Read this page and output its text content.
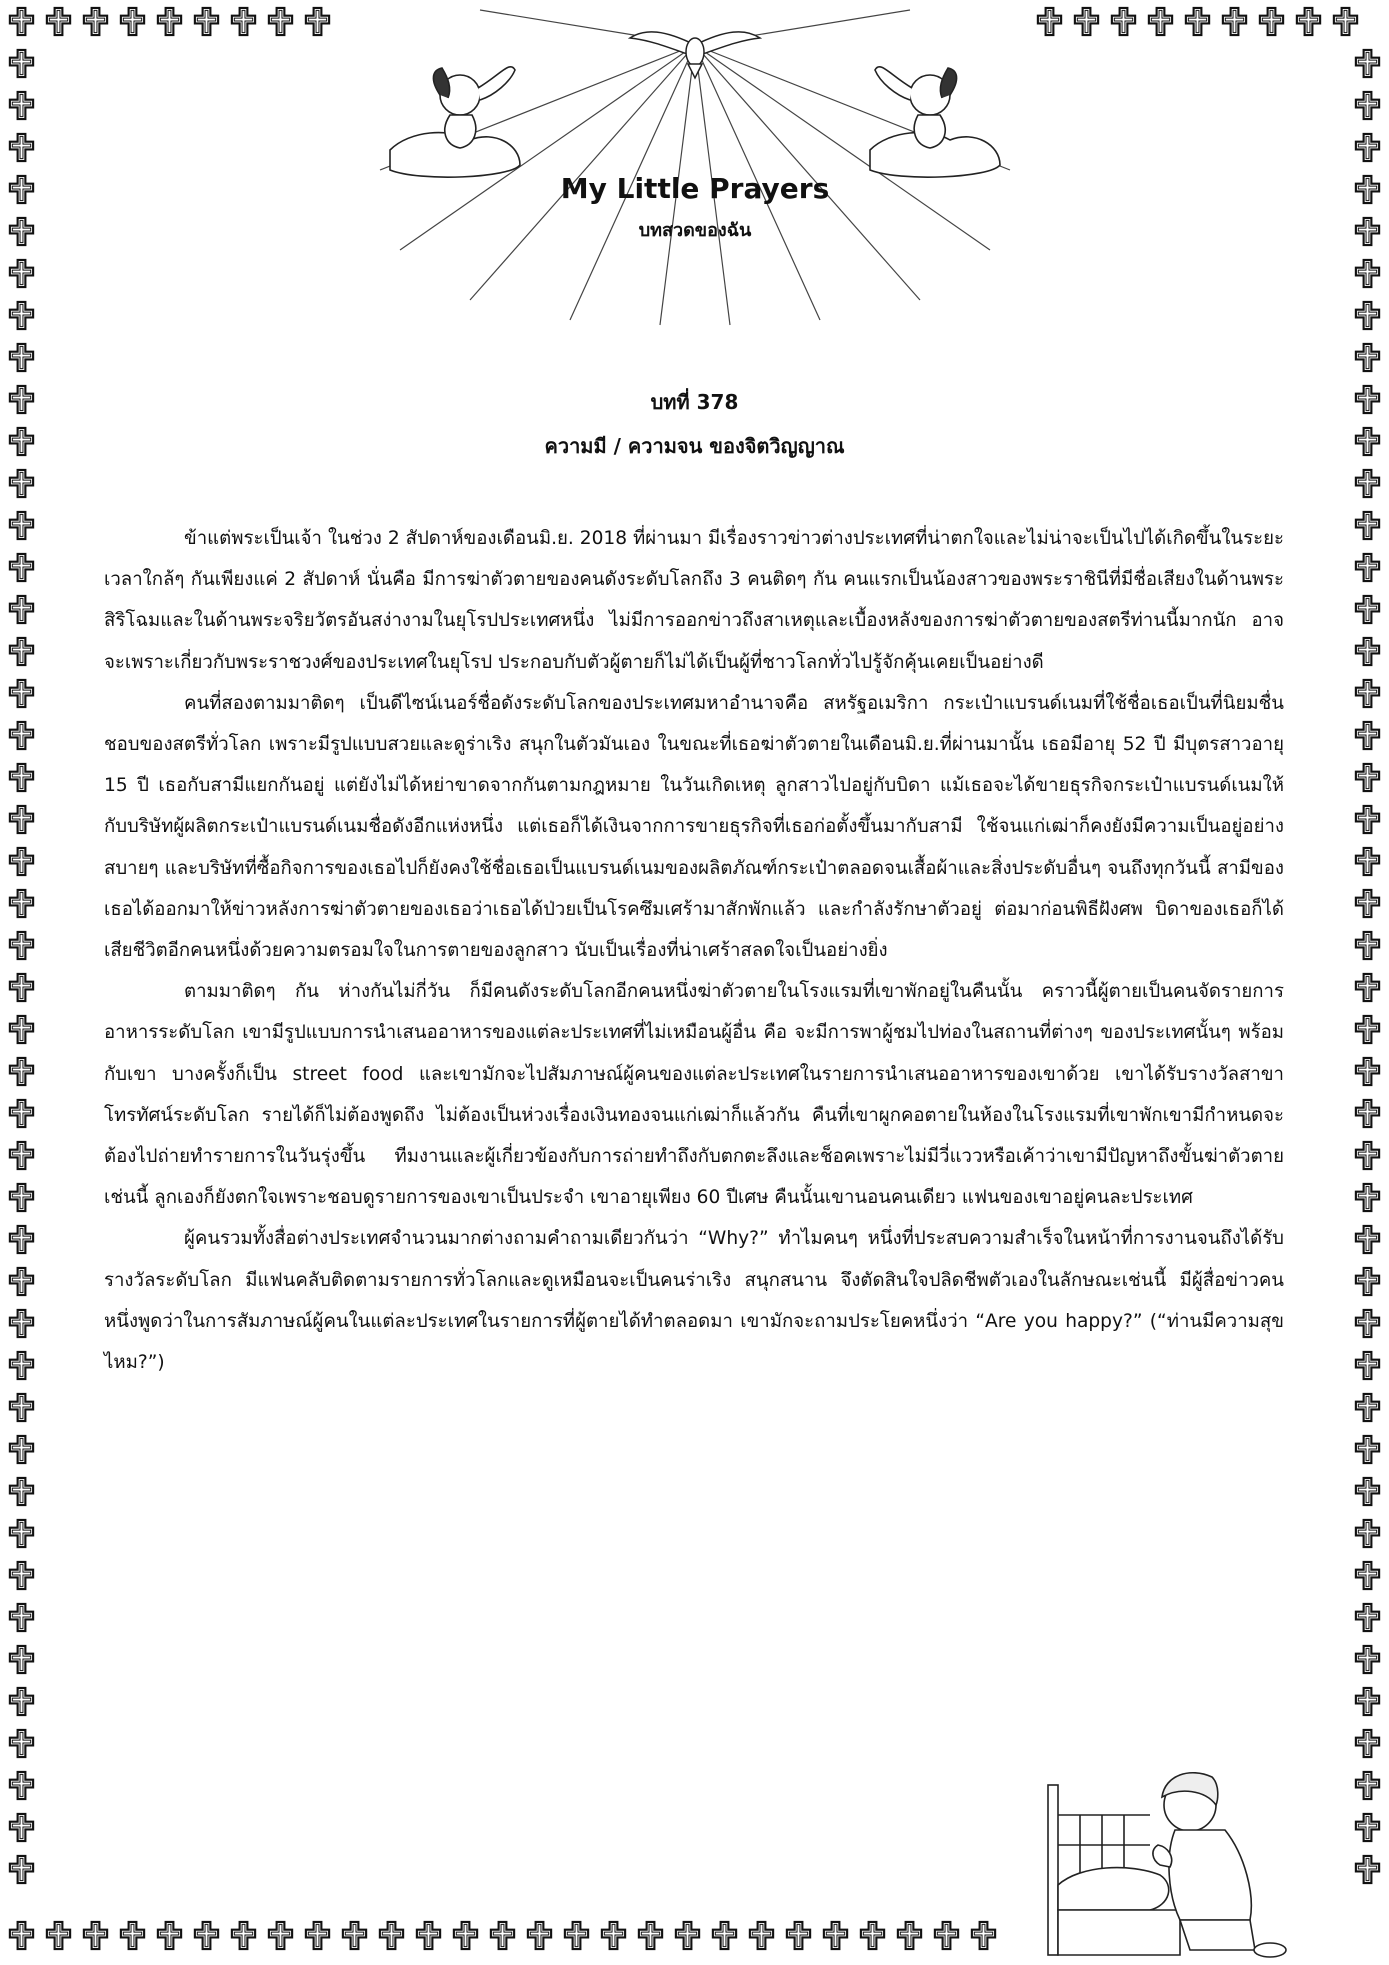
My Little Prayers
บทสวดของฉัน
บทที่ 378
ความมี / ความจน ของจิตวิญญาณ

ข้าแต่พระเป็นเจ้า ในช่วง 2 สัปดาห์ของเดือนมิ.ย. 2018 ที่ผ่านมา มีเรื่องราวข่าวต่างประเทศที่น่าตกใจและไม่น่าจะเป็นไปได้เกิดขึ้นในระยะเวลาใกล้ๆ กันเพียงแค่ 2 สัปดาห์ นั่นคือ มีการฆ่าตัวตายของคนดังระดับโลกถึง 3 คนติดๆ กัน คนแรกเป็นน้องสาวของพระราชินีที่มีชื่อเสียงในด้านพระสิริโฉมและในด้านพระจริยวัตรอันสง่างามในยุโรปประเทศหนึ่ง ไม่มีการออกข่าวถึงสาเหตุและเบื้องหลังของการฆ่าตัวตายของสตรีท่านนี้มากนัก อาจจะเพราะเกี่ยวกับพระราชวงศ์ของประเทศในยุโรป ประกอบกับตัวผู้ตายก็ไม่ได้เป็นผู้ที่ชาวโลกทั่วไปรู้จักคุ้นเคยเป็นอย่างดี

คนที่สองตามมาติดๆ เป็นดีไซน์เนอร์ชื่อดังระดับโลกของประเทศมหาอำนาจคือ สหรัฐอเมริกา กระเป๋าแบรนด์เนมที่ใช้ชื่อเธอเป็นที่นิยมชื่นชอบของสตรีทั่วโลก เพราะมีรูปแบบสวยและดูร่าเริง สนุกในตัวมันเอง ในขณะที่เธอฆ่าตัวตายในเดือนมิ.ย.ที่ผ่านมานั้น เธอมีอายุ 52 ปี มีบุตรสาวอายุ 15 ปี เธอกับสามีแยกกันอยู่ แต่ยังไม่ได้หย่าขาดจากกันตามกฎหมาย ในวันเกิดเหตุ ลูกสาวไปอยู่กับบิดา แม้เธอจะได้ขายธุรกิจกระเป๋าแบรนด์เนมให้กับบริษัทผู้ผลิตกระเป๋าแบรนด์เนมชื่อดังอีกแห่งหนึ่ง แต่เธอก็ได้เงินจากการขายธุรกิจที่เธอก่อตั้งขึ้นมากับสามี ใช้จนแก่เฒ่าก็คงยังมีความเป็นอยู่อย่างสบายๆ และบริษัทที่ซื้อกิจการของเธอไปก็ยังคงใช้ชื่อเธอเป็นแบรนด์เนมของผลิตภัณฑ์กระเป๋าตลอดจนเสื้อผ้าและสิ่งประดับอื่นๆ จนถึงทุกวันนี้ สามีของเธอได้ออกมาให้ข่าวหลังการฆ่าตัวตายของเธอว่าเธอได้ป่วยเป็นโรคซึมเศร้ามาสักพักแล้ว และกำลังรักษาตัวอยู่ ต่อมาก่อนพิธีฝังศพ บิดาของเธอก็ได้เสียชีวิตอีกคนหนึ่งด้วยความตรอมใจในการตายของลูกสาว นับเป็นเรื่องที่น่าเศร้าสลดใจเป็นอย่างยิ่ง

ตามมาติดๆ กัน ห่างกันไม่กี่วัน ก็มีคนดังระดับโลกอีกคนหนึ่งฆ่าตัวตายในโรงแรมที่เขาพักอยู่ในคืนนั้น คราวนี้ผู้ตายเป็นคนจัดรายการอาหารระดับโลก เขามีรูปแบบการนำเสนออาหารของแต่ละประเทศที่ไม่เหมือนผู้อื่น คือ จะมีการพาผู้ชมไปท่องในสถานที่ต่างๆ ของประเทศนั้นๆ พร้อมกับเขา บางครั้งก็เป็น street food และเขามักจะไปสัมภาษณ์ผู้คนของแต่ละประเทศในรายการนำเสนออาหารของเขาด้วย เขาได้รับรางวัลสาขาโทรทัศน์ระดับโลก รายได้ก็ไม่ต้องพูดถึง ไม่ต้องเป็นห่วงเรื่องเงินทองจนแก่เฒ่าก็แล้วกัน คืนที่เขาผูกคอตายในห้องในโรงแรมที่เขาพักเขามีกำหนดจะต้องไปถ่ายทำรายการในวันรุ่งขึ้น ทีมงานและผู้เกี่ยวข้องกับการถ่ายทำถึงกับตกตะลึงและช็อคเพราะไม่มีวี่แววหรือเค้าว่าเขามีปัญหาถึงขั้นฆ่าตัวตายเช่นนี้ ลูกเองก็ยังตกใจเพราะชอบดูรายการของเขาเป็นประจำ เขาอายุเพียง 60 ปีเศษ คืนนั้นเขานอนคนเดียว แฟนของเขาอยู่คนละประเทศ

ผู้คนรวมทั้งสื่อต่างประเทศจำนวนมากต่างถามคำถามเดียวกันว่า “Why?” ทำไมคนๆ หนึ่งที่ประสบความสำเร็จในหน้าที่การงานจนถึงได้รับรางวัลระดับโลก มีแฟนคลับติดตามรายการทั่วโลกและดูเหมือนจะเป็นคนร่าเริง สนุกสนาน จึงตัดสินใจปลิดชีพตัวเองในลักษณะเช่นนี้ มีผู้สื่อข่าวคนหนึ่งพูดว่าในการสัมภาษณ์ผู้คนในแต่ละประเทศในรายการที่ผู้ตายได้ทำตลอดมา เขามักจะถามประโยคหนึ่งว่า “Are you happy?” (“ท่านมีความสุขไหม?”)
